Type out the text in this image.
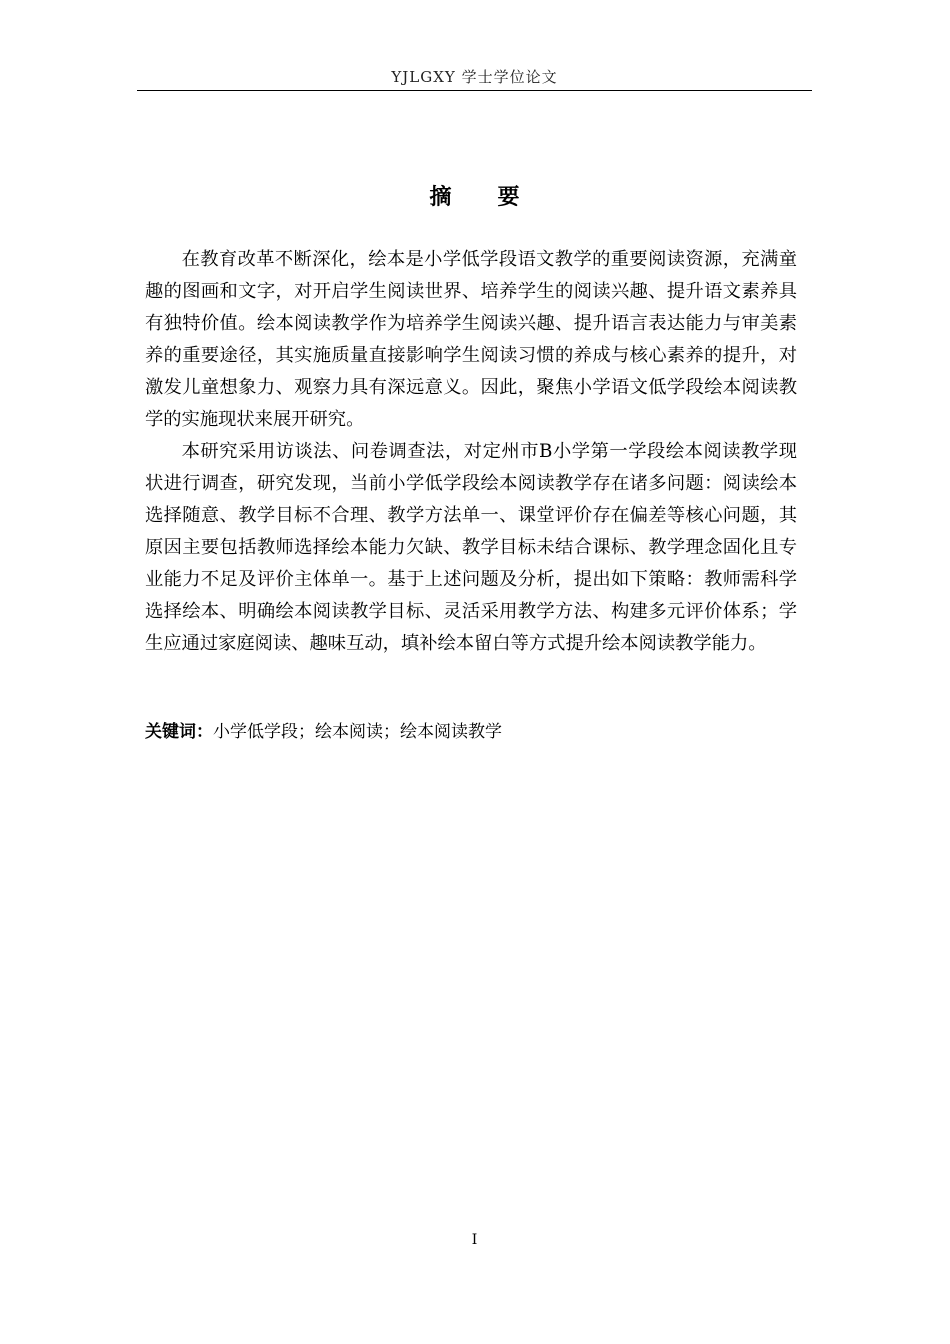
YJLGXY 学士学位论文
摘 要

在教育改革不断深化，绘本是小学低学段语文教学的重要阅读资源，充满童趣的图画和文字，对开启学生阅读世界、培养学生的阅读兴趣、提升语文素养具有独特价值。绘本阅读教学作为培养学生阅读兴趣、提升语言表达能力与审美素养的重要途径，其实施质量直接影响学生阅读习惯的养成与核心素养的提升，对激发儿童想象力、观察力具有深远意义。因此，聚焦小学语文低学段绘本阅读教学的实施现状来展开研究。

本研究采用访谈法、问卷调查法，对定州市B小学第一学段绘本阅读教学现状进行调查，研究发现，当前小学低学段绘本阅读教学存在诸多问题：阅读绘本选择随意、教学目标不合理、教学方法单一、课堂评价存在偏差等核心问题，其原因主要包括教师选择绘本能力欠缺、教学目标未结合课标、教学理念固化且专业能力不足及评价主体单一。基于上述问题及分析，提出如下策略：教师需科学选择绘本、明确绘本阅读教学目标、灵活采用教学方法、构建多元评价体系；学生应通过家庭阅读、趣味互动，填补绘本留白等方式提升绘本阅读教学能力。

关键词：小学低学段；绘本阅读；绘本阅读教学
I
